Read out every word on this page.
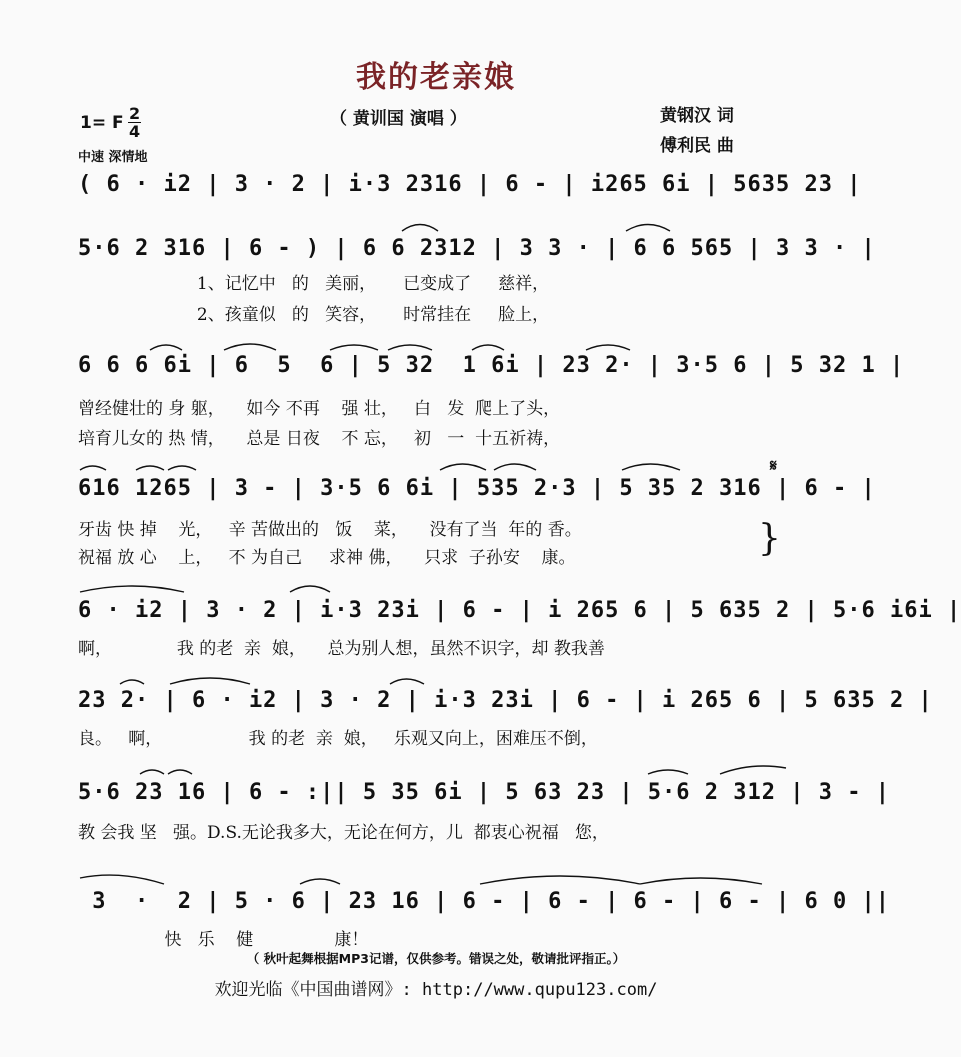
我的老亲娘
（ 黄训国 演唱 ）	黄钢汉 词
傅利民 曲
1= F 2
4
中速 深情地
( 6 · i2 | 3 · 2 | i·3 2316 | 6 - | i265 6i | 5635 23 |
5·6 2 316 | 6 - ) | 6 6 2312 | 3 3 · | 6 6 565 | 3 3 · |
1、记忆中   的   美丽，     已变成了     慈祥，
2、孩童似   的   笑容，     时常挂在     脸上，
6 6 6 6i | 6  5  6 | 5 32  1 6i | 23 2· | 3·5 6 | 5 32 1 |
曾经健壮的 身 躯，    如今 不再    强 壮，   白   发  爬上了头，
培育儿女的 热 情，    总是 日夜    不 忘，   初   一  十五祈祷，
616 1265 | 3 - | 3·5 6 6i | 535 2·3 | 5 35 2 316 | 6 - |
牙齿 快 掉    光，   辛 苦做出的   饭    菜，    没有了当  年的 香。
祝福 放 心    上，   不 为自己     求神 佛，    只求  子孙安    康。
𝄋
}
6 · i2 | 3 · 2 | i·3 23i | 6 - | i 265 6 | 5 635 2 | 5·6 i6i |
啊，            我 的老  亲  娘，    总为别人想，虽然不识字，却 教我善
23 2· | 6 · i2 | 3 · 2 | i·3 23i | 6 - | i 265 6 | 5 635 2 |
良。   啊，                我 的老  亲  娘，   乐观又向上，困难压不倒，
5·6 23 16 | 6 - :|| 5 35 6i | 5 63 23 | 5·6 2 312 | 3 - |
教 会我 坚   强。D.S.无论我多大，无论在何方，儿  都衷心祝福   您，
3  ·  2 | 5 · 6 | 23 16 | 6 - | 6 - | 6 - | 6 - | 6 0 ||
快   乐    健               康！
（ 秋叶起舞根据MP3记谱，仅供参考。错误之处，敬请批评指正。）
欢迎光临《中国曲谱网》: http://www.qupu123.com/
